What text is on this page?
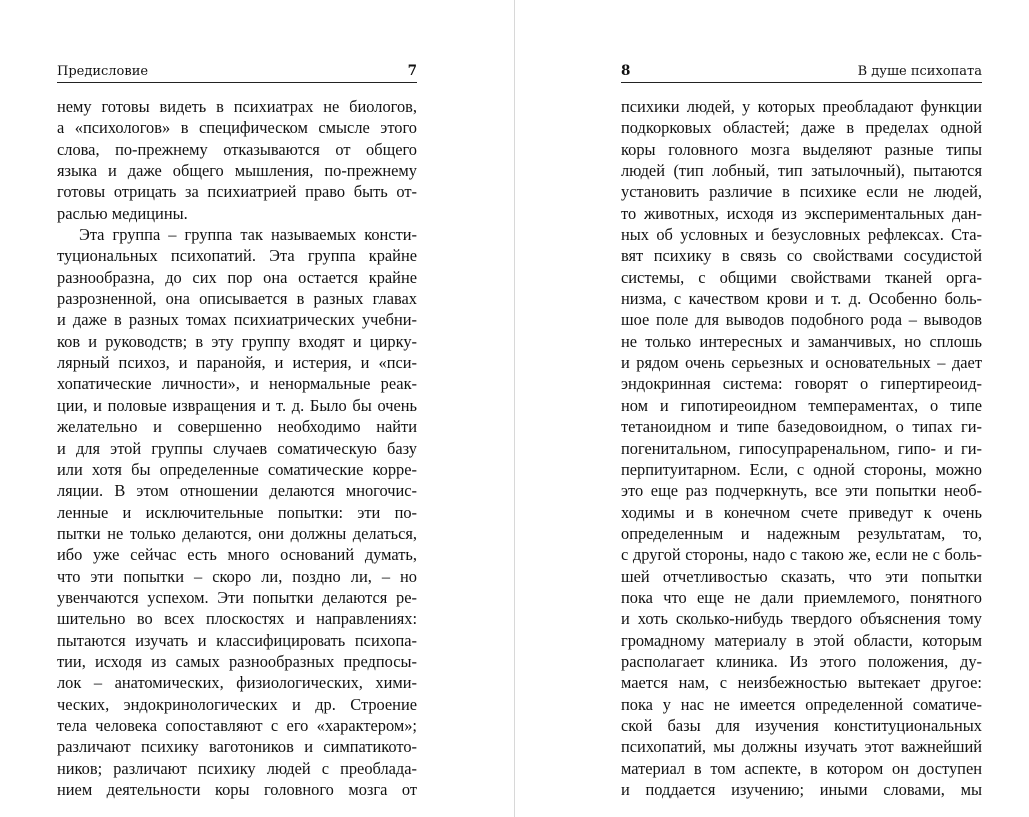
Предисловие	7
нему готовы видеть в психиатрах не биологов,
а «психологов» в специфическом смысле этого
слова, по-прежнему отказываются от общего
языка и даже общего мышления, по-прежнему
готовы отрицать за психиатрией право быть от-
раслью медицины.
Эта группа – группа так называемых консти-
туциональных психопатий. Эта группа крайне
разнообразна, до сих пор она остается крайне
разрозненной, она описывается в разных главах
и даже в разных томах психиатрических учебни-
ков и руководств; в эту группу входят и цирку-
лярный психоз, и паранойя, и истерия, и «пси-
хопатические личности», и ненормальные реак-
ции, и половые извращения и т. д. Было бы очень
желательно и совершенно необходимо найти
и для этой группы случаев соматическую базу
или хотя бы определенные соматические корре-
ляции. В этом отношении делаются многочис-
ленные и исключительные попытки: эти по-
пытки не только делаются, они должны делаться,
ибо уже сейчас есть много оснований думать,
что эти попытки – скоро ли, поздно ли, – но
увенчаются успехом. Эти попытки делаются ре-
шительно во всех плоскостях и направлениях:
пытаются изучать и классифицировать психопа-
тии, исходя из самых разнообразных предпосы-
лок – анатомических, физиологических, хими-
ческих, эндокринологических и др. Строение
тела человека сопоставляют с его «характером»;
различают психику ваготоников и симпатикото-
ников; различают психику людей с преоблада-
нием деятельности коры головного мозга от
8	В душе психопата
психики людей, у которых преобладают функции
подкорковых областей; даже в пределах одной
коры головного мозга выделяют разные типы
людей (тип лобный, тип затылочный), пытаются
установить различие в психике если не людей,
то животных, исходя из экспериментальных дан-
ных об условных и безусловных рефлексах. Ста-
вят психику в связь со свойствами сосудистой
системы, с общими свойствами тканей орга-
низма, с качеством крови и т. д. Особенно боль-
шое поле для выводов подобного рода – выводов
не только интересных и заманчивых, но сплошь
и рядом очень серьезных и основательных – дает
эндокринная система: говорят о гипертиреоид-
ном и гипотиреоидном темпераментах, о типе
тетаноидном и типе базедовоидном, о типах ги-
погенитальном, гипосупраренальном, гипо- и ги-
перпитуитарном. Если, с одной стороны, можно
это еще раз подчеркнуть, все эти попытки необ-
ходимы и в конечном счете приведут к очень
определенным и надежным результатам, то,
с другой стороны, надо с такою же, если не с боль-
шей отчетливостью сказать, что эти попытки
пока что еще не дали приемлемого, понятного
и хоть сколько-нибудь твердого объяснения тому
громадному материалу в этой области, которым
располагает клиника. Из этого положения, ду-
мается нам, с неизбежностью вытекает другое:
пока у нас не имеется определенной соматиче-
ской базы для изучения конституциональных
психопатий, мы должны изучать этот важнейший
материал в том аспекте, в котором он доступен
и поддается изучению; иными словами, мы
